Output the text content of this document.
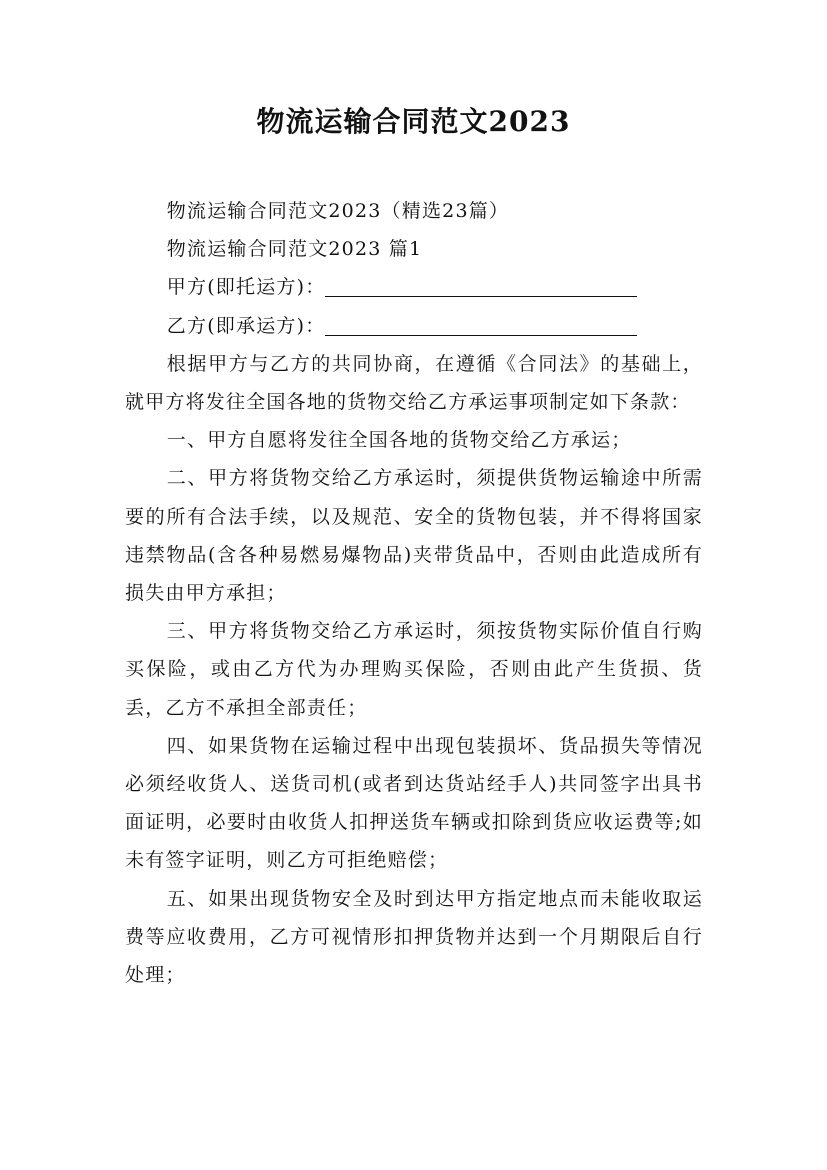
物流运输合同范文2023

物流运输合同范文2023（精选23篇）

物流运输合同范文2023 篇1

甲方(即托运方)：

乙方(即承运方)：

根据甲方与乙方的共同协商，在遵循《合同法》的基础上，就甲方将发往全国各地的货物交给乙方承运事项制定如下条款：

一、甲方自愿将发往全国各地的货物交给乙方承运；

二、甲方将货物交给乙方承运时，须提供货物运输途中所需要的所有合法手续，以及规范、安全的货物包装，并不得将国家违禁物品(含各种易燃易爆物品)夹带货品中，否则由此造成所有损失由甲方承担；

三、甲方将货物交给乙方承运时，须按货物实际价值自行购买保险，或由乙方代为办理购买保险，否则由此产生货损、货丢，乙方不承担全部责任；

四、如果货物在运输过程中出现包装损坏、货品损失等情况必须经收货人、送货司机(或者到达货站经手人)共同签字出具书面证明，必要时由收货人扣押送货车辆或扣除到货应收运费等;如未有签字证明，则乙方可拒绝赔偿；

五、如果出现货物安全及时到达甲方指定地点而未能收取运费等应收费用，乙方可视情形扣押货物并达到一个月期限后自行处理；
